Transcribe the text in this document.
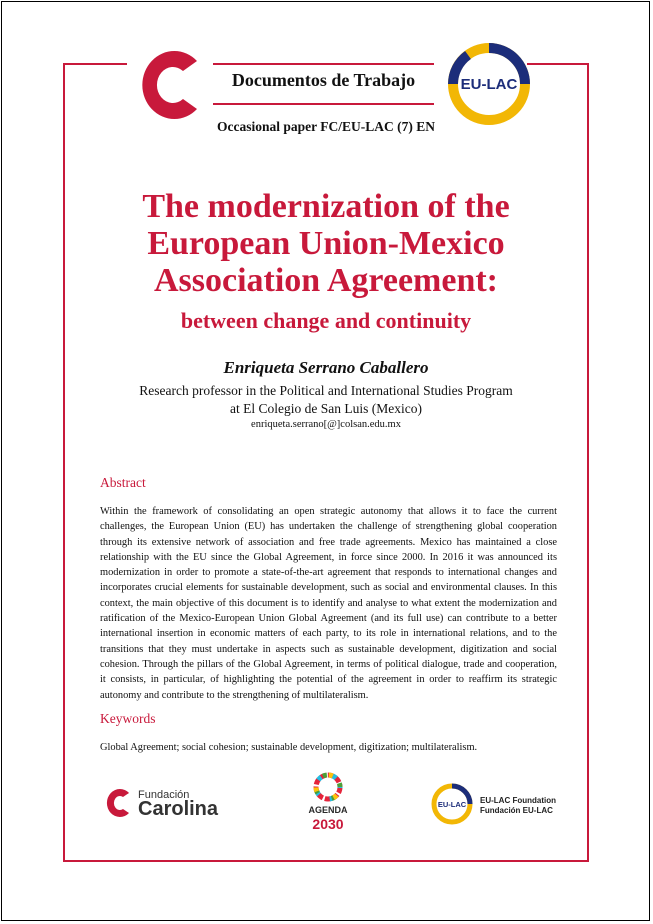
Documentos de Trabajo
Occasional paper FC/EU-LAC (7) EN
EU-LAC
The modernization of the
European Union-Mexico
Association Agreement:
between change and continuity
Enriqueta Serrano Caballero
Research professor in the Political and International Studies Program
at El Colegio de San Luis (Mexico)
enriqueta.serrano[@]colsan.edu.mx
Abstract
Within the framework of consolidating an open strategic autonomy that allows it to face the current challenges, the European Union (EU) has undertaken the challenge of strengthening global cooperation through its extensive network of association and free trade agreements. Mexico has maintained a close relationship with the EU since the Global Agreement, in force since 2000. In 2016 it was announced its modernization in order to promote a state-of-the-art agreement that responds to international changes and incorporates crucial elements for sustainable development, such as social and environmental clauses. In this context, the main objective of this document is to identify and analyse to what extent the modernization and ratification of the Mexico-European Union Global Agreement (and its full use) can contribute to a better international insertion in economic matters of each party, to its role in international relations, and to the transitions that they must undertake in aspects such as sustainable development, digitization and social cohesion. Through the pillars of the Global Agreement, in terms of political dialogue, trade and cooperation, it consists, in particular, of highlighting the potential of the agreement in order to reaffirm its strategic autonomy and contribute to the strengthening of multilateralism.
Keywords
Global Agreement; social cohesion; sustainable development, digitization; multilateralism.
Fundación
Carolina	AGENDA
2030
EU-LAC EU-LAC Foundation
Fundación EU-LAC
